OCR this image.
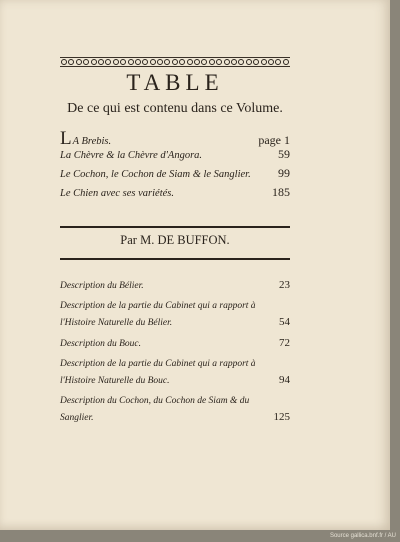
TABLE
De ce qui est contenu dans ce Volume.
LA Brebis.	page 1
La Chèvre & la Chèvre d'Angora.	59
Le Cochon, le Cochon de Siam & le Sanglier. 99
Le Chien avec ses variétés.	185
Par M. DE BUFFON.
Description du Bélier.	23
Description de la partie du Cabinet qui a rapport à
l'Histoire Naturelle du Bélier.	54
Description du Bouc.	72
Description de la partie du Cabinet qui a rapport à
l'Histoire Naturelle du Bouc.	94
Description du Cochon, du Cochon de Siam & du
Sanglier.	125
Source gallica.bnf.fr / AU
